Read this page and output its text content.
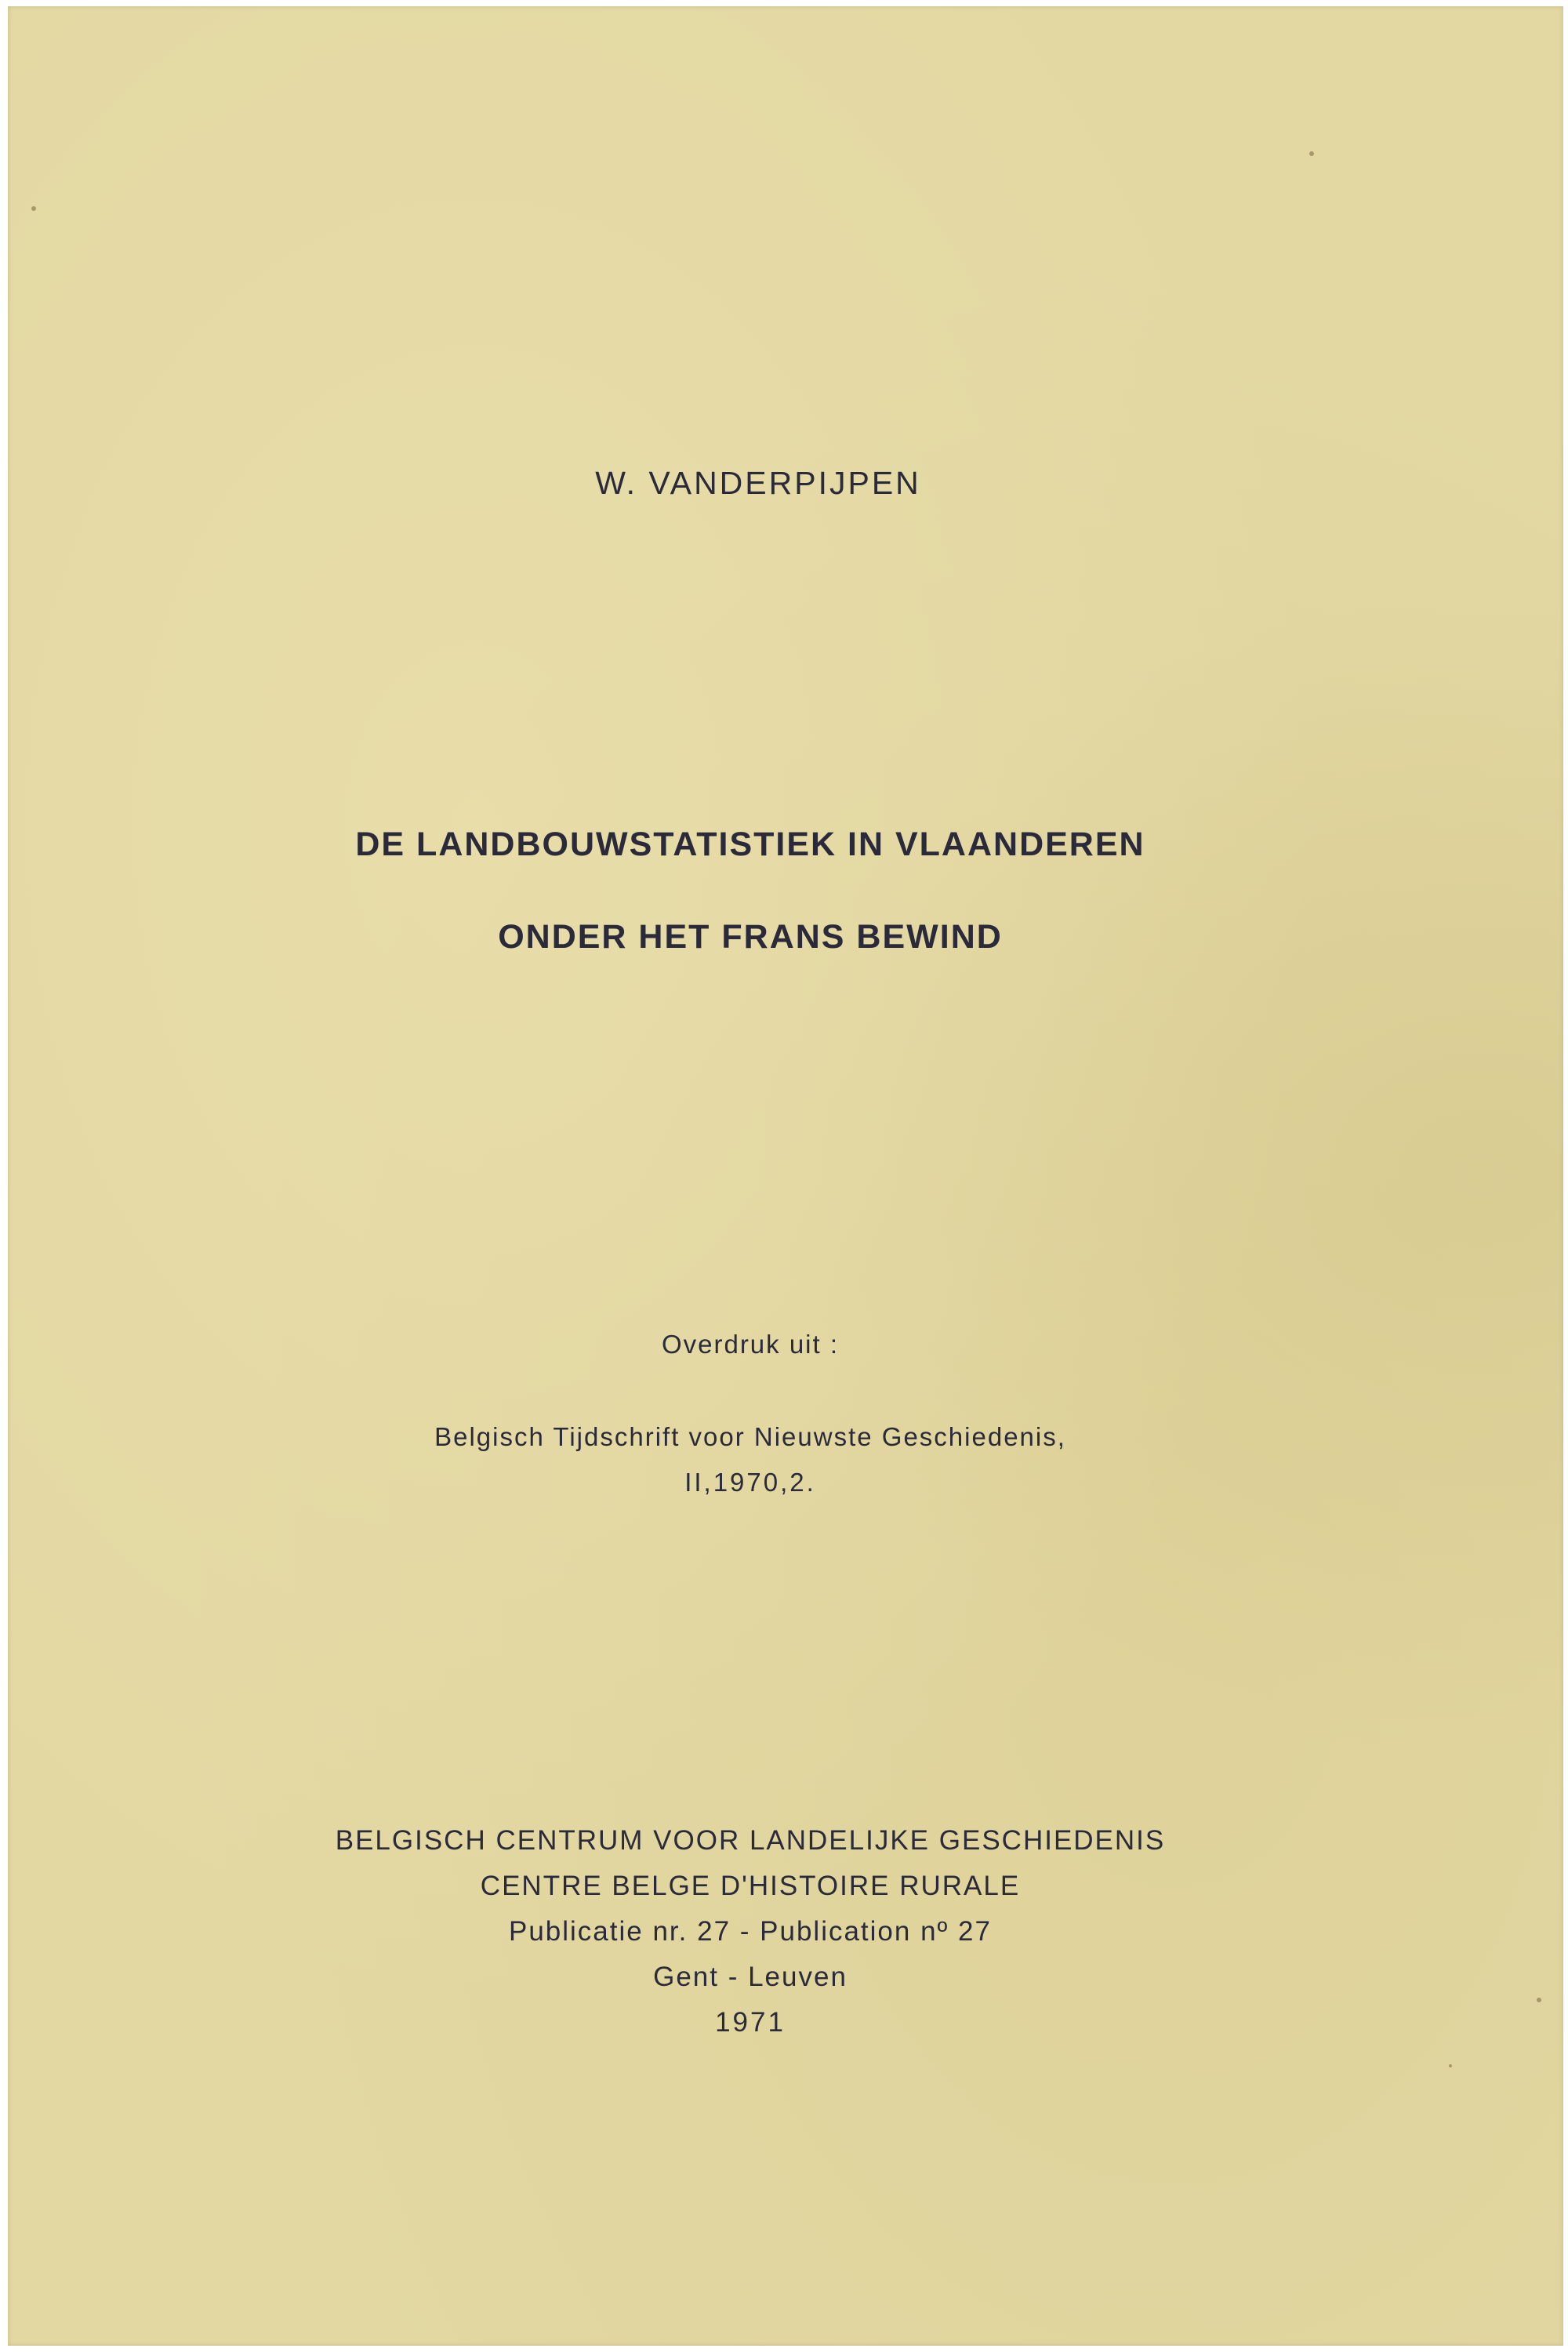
W. VANDERPIJPEN

DE LANDBOUWSTATISTIEK IN VLAANDEREN

ONDER HET FRANS BEWIND

Overdruk uit :

Belgisch Tijdschrift voor Nieuwste Geschiedenis,

II,1970,2.

BELGISCH CENTRUM VOOR LANDELIJKE GESCHIEDENIS

CENTRE BELGE D'HISTOIRE RURALE

Publicatie nr. 27 - Publication nº 27

Gent - Leuven

1971
